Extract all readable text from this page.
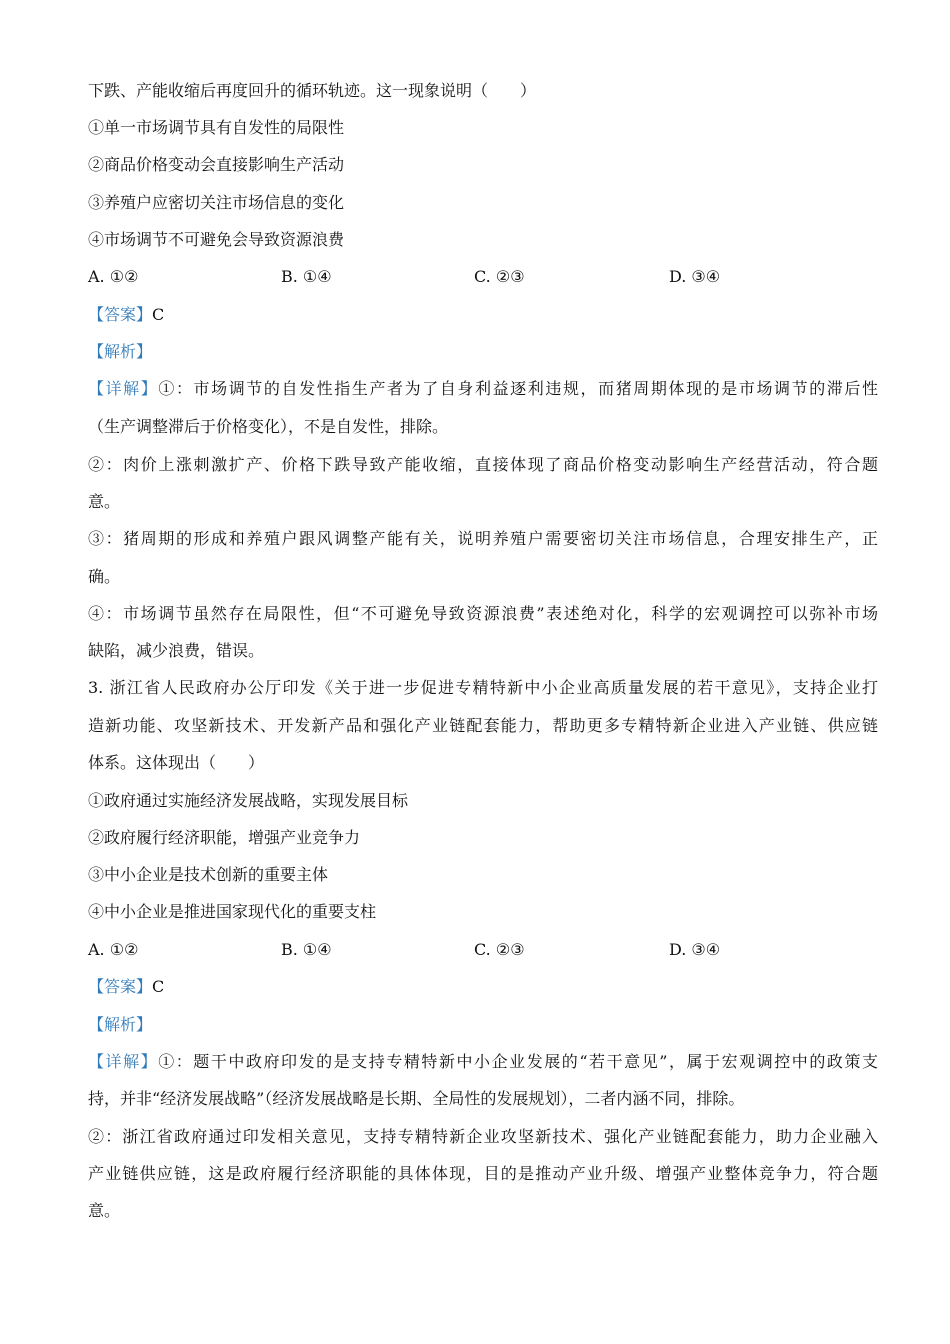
下跌、产能收缩后再度回升的循环轨迹。这一现象说明（　　）
①单一市场调节具有自发性的局限性
②商品价格变动会直接影响生产活动
③养殖户应密切关注市场信息的变化
④市场调节不可避免会导致资源浪费
A. ①②	B. ①④	C. ②③	D. ③④
【答案】C
【解析】
【详解】①：市场调节的自发性指生产者为了自身利益逐利违规，而猪周期体现的是市场调节的滞后性
（生产调整滞后于价格变化），不是自发性，排除。
②：肉价上涨刺激扩产、价格下跌导致产能收缩，直接体现了商品价格变动影响生产经营活动，符合题
意。
③：猪周期的形成和养殖户跟风调整产能有关，说明养殖户需要密切关注市场信息，合理安排生产，正
确。
④：市场调节虽然存在局限性，但“不可避免导致资源浪费”表述绝对化，科学的宏观调控可以弥补市场
缺陷，减少浪费，错误。
3. 浙江省人民政府办公厅印发《关于进一步促进专精特新中小企业高质量发展的若干意见》，支持企业打
造新功能、攻坚新技术、开发新产品和强化产业链配套能力，帮助更多专精特新企业进入产业链、供应链
体系。这体现出（　　）
①政府通过实施经济发展战略，实现发展目标
②政府履行经济职能，增强产业竞争力
③中小企业是技术创新的重要主体
④中小企业是推进国家现代化的重要支柱
A. ①②	B. ①④	C. ②③	D. ③④
【答案】C
【解析】
【详解】①：题干中政府印发的是支持专精特新中小企业发展的“若干意见”，属于宏观调控中的政策支
持，并非“经济发展战略”（经济发展战略是长期、全局性的发展规划），二者内涵不同，排除。
②：浙江省政府通过印发相关意见，支持专精特新企业攻坚新技术、强化产业链配套能力，助力企业融入
产业链供应链，这是政府履行经济职能的具体体现，目的是推动产业升级、增强产业整体竞争力，符合题
意。
